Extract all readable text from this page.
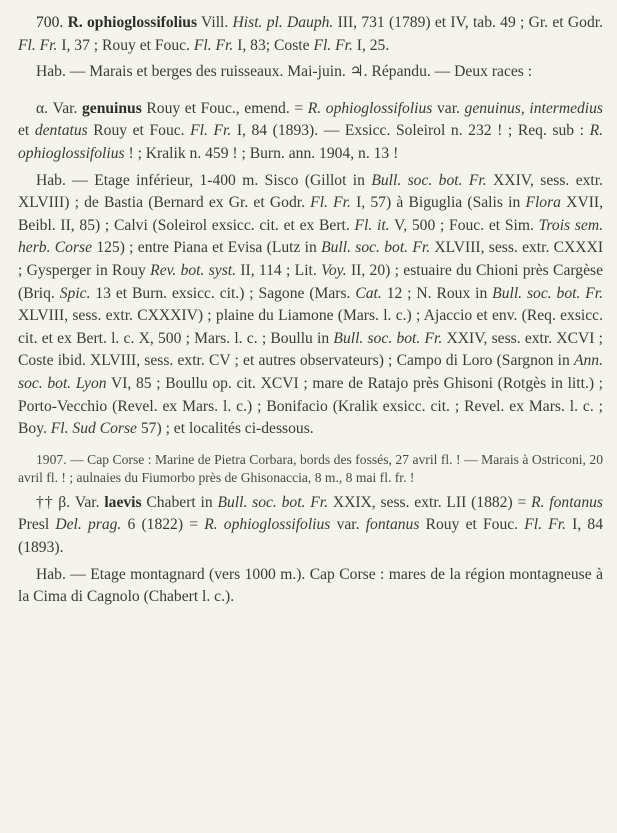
700. R. ophioglossifolius Vill. Hist. pl. Dauph. III, 731 (1789) et IV, tab. 49 ; Gr. et Godr. Fl. Fr. I, 37 ; Rouy et Fouc. Fl. Fr. I, 83; Coste Fl. Fr. I, 25.

Hab. — Marais et berges des ruisseaux. Mai-juin. ♃. Répandu. — Deux races :

α. Var. genuinus Rouy et Fouc., emend. = R. ophioglossifolius var. genuinus, intermedius et dentatus Rouy et Fouc. Fl. Fr. I, 84 (1893). — Exsicc. Soleirol n. 232 ! ; Req. sub : R. ophioglossifolius ! ; Kralik n. 459 ! ; Burn. ann. 1904, n. 13 !

Hab. — Etage inférieur, 1-400 m. Sisco (Gillot in Bull. soc. bot. Fr. XXIV, sess. extr. XLVIII) ; de Bastia (Bernard ex Gr. et Godr. Fl. Fr. I, 57) à Biguglia (Salis in Flora XVII, Beibl. II, 85) ; Calvi (Soleirol exsicc. cit. et ex Bert. Fl. it. V, 500 ; Fouc. et Sim. Trois sem. herb. Corse 125) ; entre Piana et Evisa (Lutz in Bull. soc. bot. Fr. XLVIII, sess. extr. CXXXI ; Gysperger in Rouy Rev. bot. syst. II, 114 ; Lit. Voy. II, 20) ; estuaire du Chioni près Cargèse (Briq. Spic. 13 et Burn. exsicc. cit.) ; Sagone (Mars. Cat. 12 ; N. Roux in Bull. soc. bot. Fr. XLVIII, sess. extr. CXXXIV) ; plaine du Liamone (Mars. l. c.) ; Ajaccio et env. (Req. exsicc. cit. et ex Bert. l. c. X, 500 ; Mars. l. c. ; Boullu in Bull. soc. bot. Fr. XXIV, sess. extr. XCVI ; Coste ibid. XLVIII, sess. extr. CV ; et autres observateurs) ; Campo di Loro (Sargnon in Ann. soc. bot. Lyon VI, 85 ; Boullu op. cit. XCVI ; mare de Ratajo près Ghisoni (Rotgès in litt.) ; Porto-Vecchio (Revel. ex Mars. l. c.) ; Bonifacio (Kralik exsicc. cit. ; Revel. ex Mars. l. c. ; Boy. Fl. Sud Corse 57) ; et localités ci-dessous.

1907. — Cap Corse : Marine de Pietra Corbara, bords des fossés, 27 avril fl. ! — Marais à Ostriconi, 20 avril fl. ! ; aulnaies du Fiumorbo près de Ghisonaccia, 8 m., 8 mai fl. fr. !

†† β. Var. laevis Chabert in Bull. soc. bot. Fr. XXIX, sess. extr. LII (1882) = R. fontanus Presl Del. prag. 6 (1822) = R. ophioglossifolius var. fontanus Rouy et Fouc. Fl. Fr. I, 84 (1893).

Hab. — Etage montagnard (vers 1000 m.). Cap Corse : mares de la région montagneuse à la Cima di Cagnolo (Chabert l. c.).
